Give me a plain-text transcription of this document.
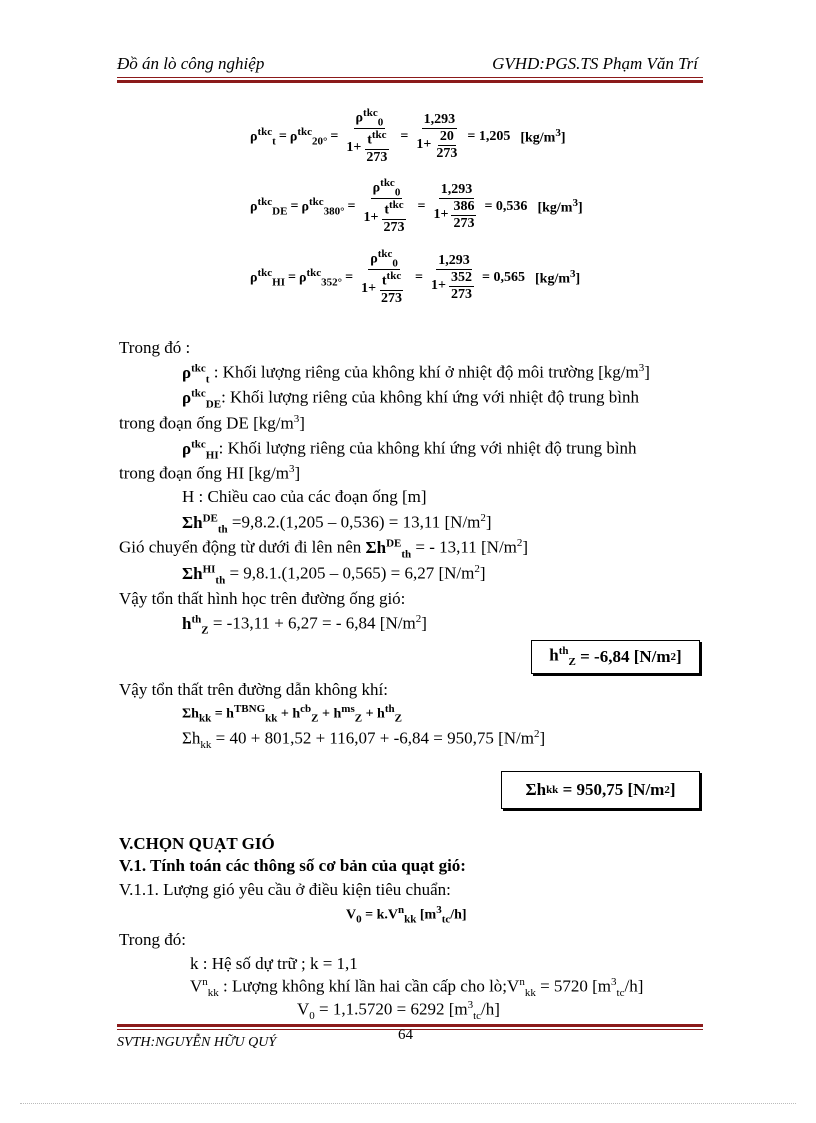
Đồ án lò công nghiệp	GVHD:PGS.TS Phạm Văn Trí
$\rho^{tkc}_t = \rho^{tkc}_{20^\circ} = \frac{\rho^{tkc}_0}{1+ \frac{t^{tkc}}{273}} = \frac{1,293}{1+ \frac{20}{273}} = 1,205$ $[kg/m^3]$
$\rho^{tkc}_{DE} = \rho^{tkc}_{380^\circ} = \frac{\rho^{tkc}_0}{1+ \frac{t^{tkc}}{273}} = \frac{1,293}{1+ \frac{386}{273}} = 0,536$ $[kg/m^3]$
$\rho^{tkc}_{HI} = \rho^{tkc}_{352^\circ} = \frac{\rho^{tkc}_0}{1+ \frac{t^{tkc}}{273}} = \frac{1,293}{1+ \frac{352}{273}} = 0,565$ $[kg/m^3]$
Trong đó :
$\rho^{tkc}_t$ : Khối lượng riêng của không khí ở nhiệt độ môi trường $[kg/m^3]$
$\rho^{tkc}_{DE}$: Khối lượng riêng của không khí ứng với nhiệt độ trung bình
trong đoạn ống DE $[kg/m^3]$
$\rho^{tkc}_{HI}$: Khối lượng riêng của không khí ứng với nhiệt độ trung bình
trong đoạn ống HI $[kg/m^3]$
H : Chiều cao của các đoạn ống [m]
$\Sigma h^{DE}_{th} =9,8.2.(1,205 - 0,536) = 13,11$ $[N/m^2]$
Gió chuyển động từ dưới đi lên nên $\Sigma h^{DE}_{th}$ = - 13,11 $[N/m^2]$
$\Sigma h^{HI}_{th} = 9,8.1.(1,205 - 0,565) = 6,27$ $[N/m^2]$
Vậy tổn thất hình học trên đường ống gió:
$h^{th}_Z = -13,11 + 6,27$ = - 6,84 $[N/m^2]$
$h^{th}_Z$
= -6,84 [N/m 2 ]
Vậy tổn thất trên đường dẫn không khí:
$\Sigma h_{kk} = h^{TBNG}_{kk} + h^{cb}_Z + h^{ms}_Z + h^{th}_Z$
$\Sigma h_{kk} = 40 + 801,52 + 116,07 + -6,84 = 950,75$ $[N/m^2]$
Σh kk
= 950,75 [N/m 2 ]
V.CHỌN QUẠT GIÓ
V.1. Tính toán các thông số cơ bản của quạt gió:
V.1.1. Lượng gió yêu cầu ở điều kiện tiêu chuẩn:
$V_0 = k.V^n_{kk}$ $[m^3_{tc}/h]$
Trong đó:
k : Hệ số dự trữ ; k = 1,1
$V^n_{kk}$ : Lượng không khí lần hai cần cấp cho $lò;V^n_{kk} = 5720$ $[m^3_{tc}/h]$
$V_0 = 1,1.5720 = 6292$ $[m^3_{tc}/h]$
64
SVTH:NGUYỄN HỮU QUÝ
